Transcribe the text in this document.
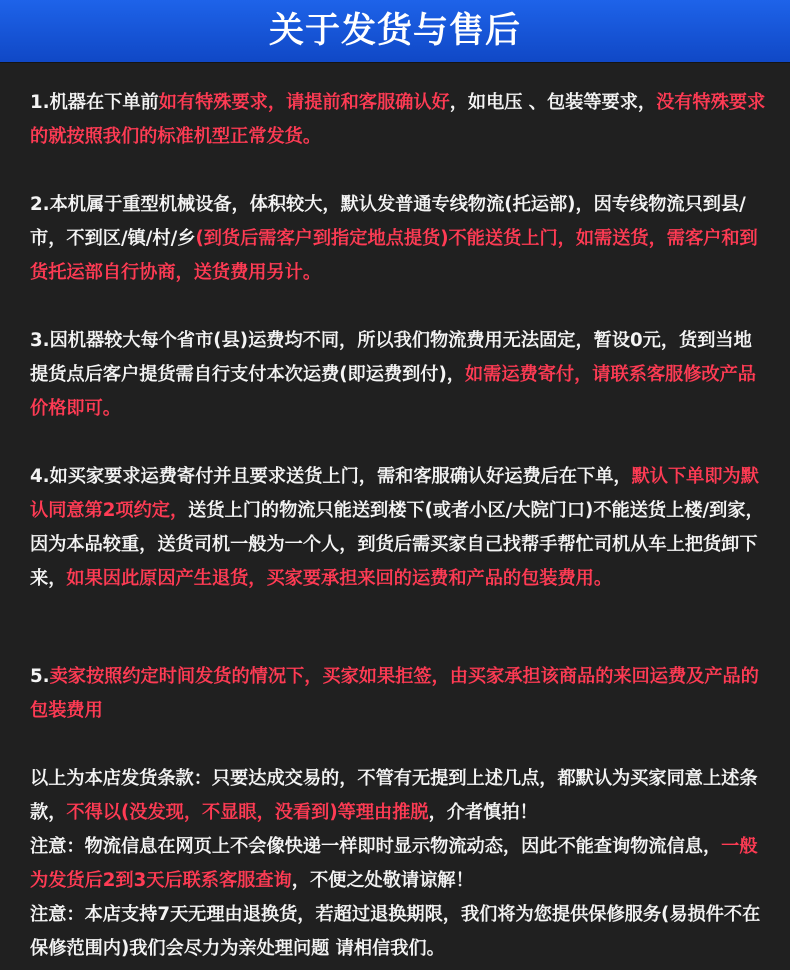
关于发货与售后

1.机器在下单前如有特殊要求，请提前和客服确认好，如电压 、包装等要求，没有特殊要求的就按照我们的标准机型正常发货。

2.本机属于重型机械设备，体积较大，默认发普通专线物流(托运部)，因专线物流只到县/市，不到区/镇/村/乡(到货后需客户到指定地点提货)不能送货上门，如需送货，需客户和到货托运部自行协商，送货费用另计。

3.因机器较大每个省市(县)运费均不同，所以我们物流费用无法固定，暂设0元，货到当地提货点后客户提货需自行支付本次运费(即运费到付)，如需运费寄付，请联系客服修改产品价格即可。

4.如买家要求运费寄付并且要求送货上门，需和客服确认好运费后在下单，默认下单即为默认同意第2项约定，送货上门的物流只能送到楼下(或者小区/大院门口)不能送货上楼/到家，因为本品较重，送货司机一般为一个人，到货后需买家自己找帮手帮忙司机从车上把货卸下来，如果因此原因产生退货，买家要承担来回的运费和产品的包装费用。

5.卖家按照约定时间发货的情况下，买家如果拒签，由买家承担该商品的来回运费及产品的包装费用

以上为本店发货条款：只要达成交易的，不管有无提到上述几点，都默认为买家同意上述条款，不得以(没发现，不显眼，没看到)等理由推脱，介者慎拍！
注意：物流信息在网页上不会像快递一样即时显示物流动态，因此不能查询物流信息，一般为发货后2到3天后联系客服查询，不便之处敬请谅解！
注意：本店支持7天无理由退换货，若超过退换期限，我们将为您提供保修服务(易损件不在保修范围内)我们会尽力为亲处理问题 请相信我们。
